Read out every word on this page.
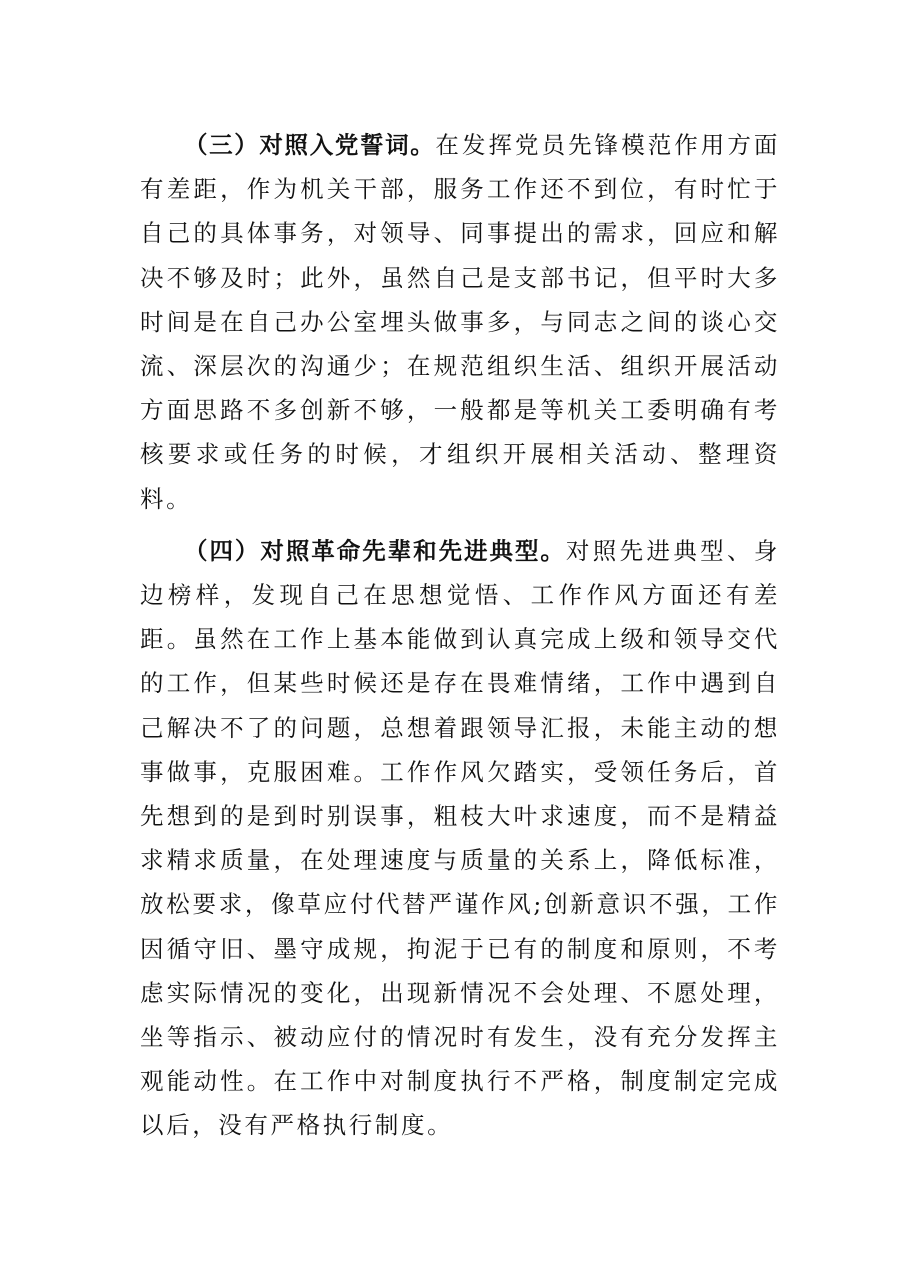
（三）对照入党誓词。在发挥党员先锋模范作用方面有差距，作为机关干部，服务工作还不到位，有时忙于自己的具体事务，对领导、同事提出的需求，回应和解决不够及时；此外，虽然自己是支部书记，但平时大多时间是在自己办公室埋头做事多，与同志之间的谈心交流、深层次的沟通少；在规范组织生活、组织开展活动方面思路不多创新不够，一般都是等机关工委明确有考核要求或任务的时候，才组织开展相关活动、整理资料。

（四）对照革命先辈和先进典型。对照先进典型、身边榜样，发现自己在思想觉悟、工作作风方面还有差距。虽然在工作上基本能做到认真完成上级和领导交代的工作，但某些时候还是存在畏难情绪，工作中遇到自己解决不了的问题，总想着跟领导汇报，未能主动的想事做事，克服困难。工作作风欠踏实，受领任务后，首先想到的是到时别误事，粗枝大叶求速度，而不是精益求精求质量，在处理速度与质量的关系上，降低标准，放松要求，像草应付代替严谨作风;创新意识不强，工作因循守旧、墨守成规，拘泥于已有的制度和原则，不考虑实际情况的变化，出现新情况不会处理、不愿处理，坐等指示、被动应付的情况时有发生，没有充分发挥主观能动性。在工作中对制度执行不严格，制度制定完成以后，没有严格执行制度。
